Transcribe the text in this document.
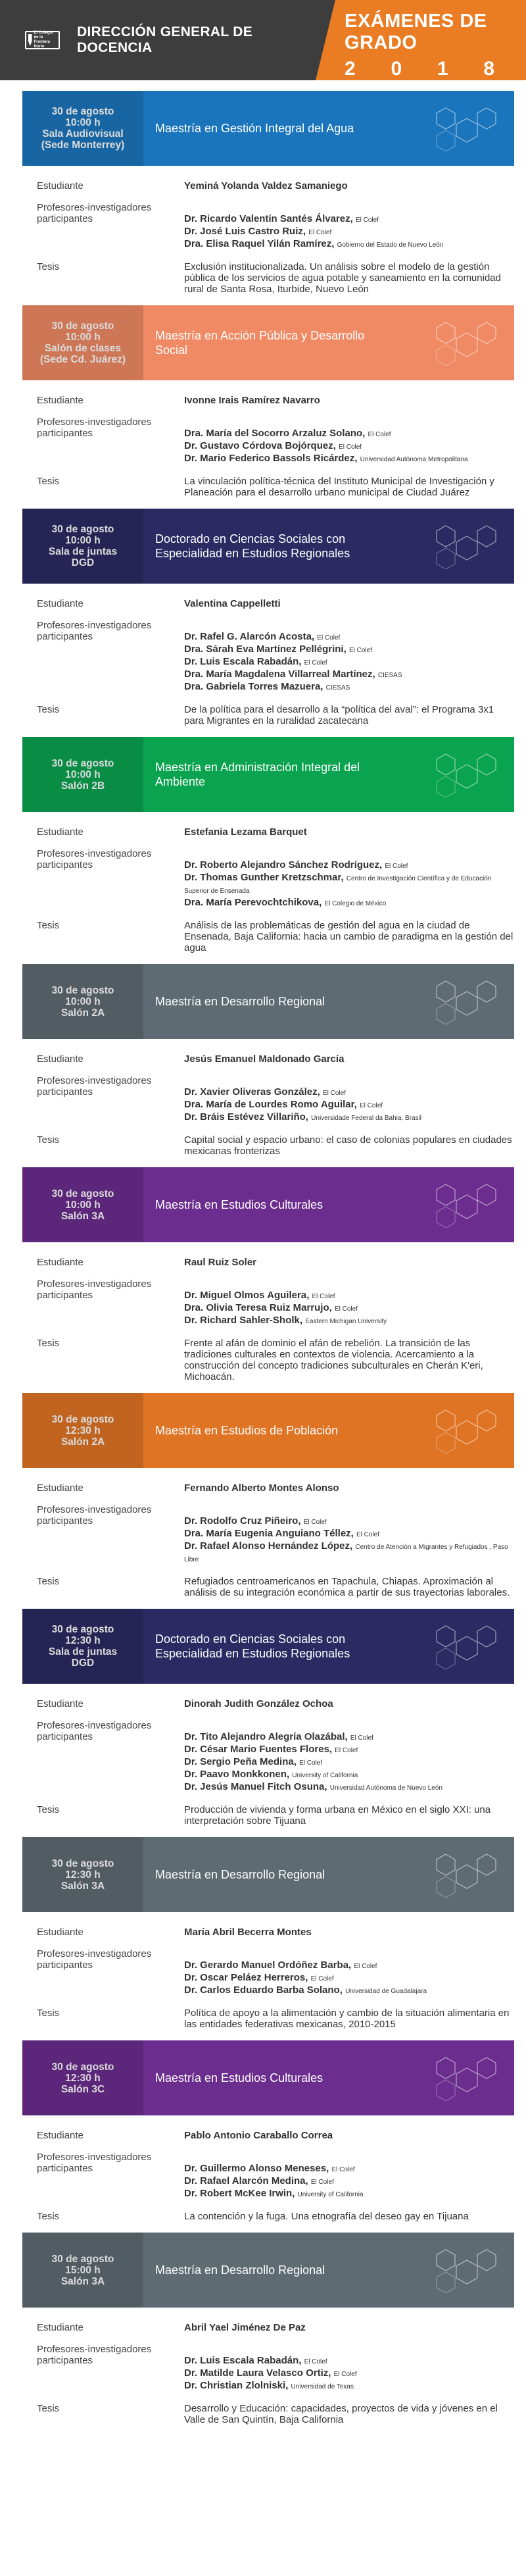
El Colegio de la Frontera Norte
DIRECCIÓN GENERAL DE DOCENCIA
EXÁMENES DE GRADO
2 0 1 8
30 de agosto
10:00 h
Sala Audiovisual
(Sede Monterrey)
Maestría en Gestión Integral del Agua
Estudiante	Yeminá Yolanda Valdez Samaniego
Profesores-investigadores participantes	Dr. Ricardo Valentín Santés Álvarez, El Colef
Dr. José Luis Castro Ruiz, El Colef
Dra. Elisa Raquel Yilán Ramírez, Gobierno del Estado de Nuevo León
Tesis	Exclusión institucionalizada. Un análisis sobre el modelo de la gestión pública de los servicios de agua potable y saneamiento en la comunidad rural de Santa Rosa, Iturbide, Nuevo León
30 de agosto
10:00 h
Salón de clases
(Sede Cd. Juárez)
Maestría en Acción Pública y Desarrollo Social
Estudiante	Ivonne Irais Ramírez Navarro
Profesores-investigadores participantes	Dra. María del Socorro Arzaluz Solano, El Colef
Dr. Gustavo Córdova Bojórquez, El Colef
Dr. Mario Federico Bassols Ricárdez, Universidad Autónoma Metropolitana
Tesis	La vinculación política-técnica del Instituto Municipal de Investigación y Planeación para el desarrollo urbano municipal de Ciudad Juárez
30 de agosto
10:00 h
Sala de juntas
DGD
Doctorado en Ciencias Sociales con Especialidad en Estudios Regionales
Estudiante	Valentina Cappelletti
Profesores-investigadores participantes	Dr. Rafel G. Alarcón Acosta, El Colef
Dra. Sárah Eva Martínez Pellégrini, El Colef
Dr. Luis Escala Rabadán, El Colef
Dra. María Magdalena Villarreal Martínez, CIESAS
Dra. Gabriela Torres Mazuera, CIESAS
Tesis	De la política para el desarrollo a la “política del aval”: el Programa 3x1 para Migrantes en la ruralidad zacatecana
30 de agosto
10:00 h
Salón 2B
Maestría en Administración Integral del Ambiente
Estudiante	Estefania Lezama Barquet
Profesores-investigadores participantes	Dr. Roberto Alejandro Sánchez Rodríguez, El Colef
Dr. Thomas Gunther Kretzschmar, Centro de Investigación Científica y de Educación Superior de Ensenada
Dra. María Perevochtchikova, El Colegio de México
Tesis	Análisis de las problemáticas de gestión del agua en la ciudad de Ensenada, Baja California: hacia un cambio de paradigma en la gestión del agua
30 de agosto
10:00 h
Salón 2A
Maestría en Desarrollo Regional
Estudiante	Jesús Emanuel Maldonado García
Profesores-investigadores participantes	Dr. Xavier Oliveras González, El Colef
Dra. María de Lourdes Romo Aguilar, El Colef
Dr. Bráis Estévez Villariño, Universidade Federal da Bahia, Brasil
Tesis	Capital social y espacio urbano: el caso de colonias populares en ciudades mexicanas fronterizas
30 de agosto
10:00 h
Salón 3A
Maestría en Estudios Culturales
Estudiante	Raul Ruiz Soler
Profesores-investigadores participantes	Dr. Miguel Olmos Aguilera, El Colef
Dra. Olivia Teresa Ruiz Marrujo, El Colef
Dr. Richard Sahler-Sholk, Eastern Michigan University
Tesis	Frente al afán de dominio el afán de rebelión. La transición de las tradiciones culturales en contextos de violencia. Acercamiento a la construcción del concepto tradiciones subculturales en Cherán K'eri, Michoacán.
30 de agosto
12:30 h
Salón 2A
Maestría en Estudios de Población
Estudiante	Fernando Alberto Montes Alonso
Profesores-investigadores participantes	Dr. Rodolfo Cruz Piñeiro, El Colef
Dra. María Eugenia Anguiano Téllez, El Colef
Dr. Rafael Alonso Hernández López, Centro de Atención a Migrantes y Refugiados , Paso Libre
Tesis	Refugiados centroamericanos en Tapachula, Chiapas. Aproximación al análisis de su integración económica a partir de sus trayectorias laborales.
30 de agosto
12:30 h
Sala de juntas
DGD
Doctorado en Ciencias Sociales con Especialidad en Estudios Regionales
Estudiante	Dinorah Judith González Ochoa
Profesores-investigadores participantes	Dr. Tito Alejandro Alegría Olazábal, El Colef
Dr. César Mario Fuentes Flores, El Colef
Dr. Sergio Peña Medina, El Colef
Dr. Paavo Monkkonen, University of California
Dr. Jesús Manuel Fitch Osuna, Universidad Autónoma de Nuevo León
Tesis	Producción de vivienda y forma urbana en México en el siglo XXI: una interpretación sobre Tijuana
30 de agosto
12:30 h
Salón 3A
Maestría en Desarrollo Regional
Estudiante	María Abril Becerra Montes
Profesores-investigadores participantes	Dr. Gerardo Manuel Ordóñez Barba, El Colef
Dr. Oscar Peláez Herreros, El Colef
Dr. Carlos Eduardo Barba Solano, Universidad de Guadalajara
Tesis	Política de apoyo a la alimentación y cambio de la situación alimentaria en las entidades federativas mexicanas, 2010-2015
30 de agosto
12:30 h
Salón 3C
Maestría en Estudios Culturales
Estudiante	Pablo Antonio Caraballo Correa
Profesores-investigadores participantes	Dr. Guillermo Alonso Meneses, El Colef
Dr. Rafael Alarcón Medina, El Colef
Dr. Robert McKee Irwin, University of California
Tesis	La contención y la fuga. Una etnografía del deseo gay en Tijuana
30 de agosto
15:00 h
Salón 3A
Maestría en Desarrollo Regional
Estudiante	Abril Yael Jiménez De Paz
Profesores-investigadores participantes	Dr. Luis Escala Rabadán, El Colef
Dr. Matilde Laura Velasco Ortiz, El Colef
Dr. Christian Zlolniski, Universidad de Texas
Tesis	Desarrollo y Educación: capacidades, proyectos de vida y jóvenes en el Valle de San Quintín, Baja California
